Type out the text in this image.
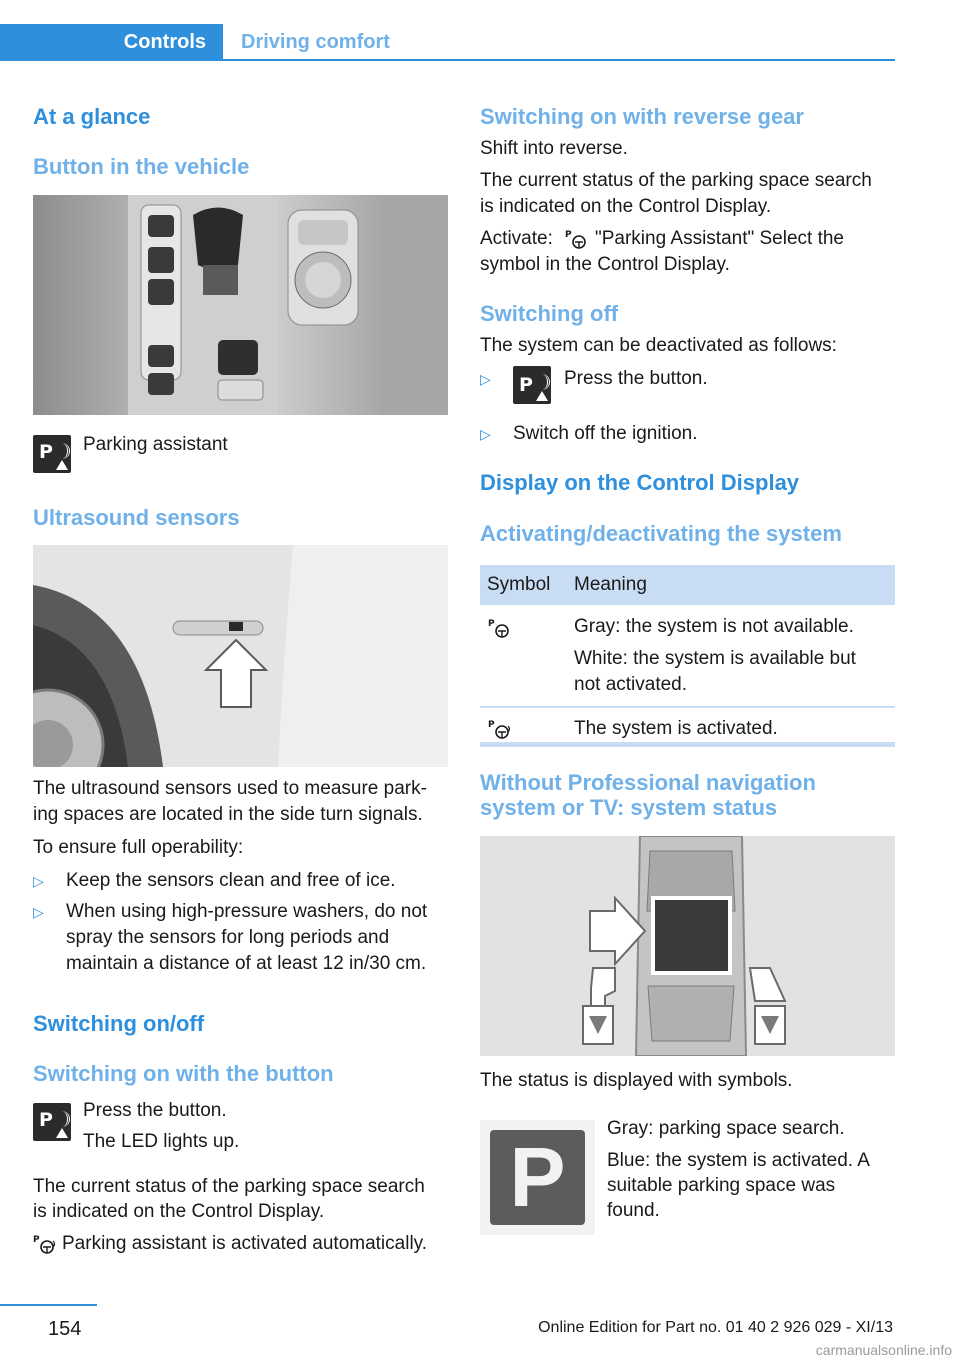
Controls	Driving comfort
At a glance
Button in the vehicle
P Parking assistant
Ultrasound sensors
The ultrasound sensors used to measure park-
ing spaces are located in the side turn signals.
To ensure full operability:
▷ Keep the sensors clean and free of ice.
▷ When using high-pressure washers, do not
spray the sensors for long periods and
maintain a distance of at least 12 in/30 cm.
Switching on/off
Switching on with the button
P Press the button.
The LED lights up.
The current status of the parking space search
is indicated on the Control Display.
P Parking assistant is activated automatically.
Switching on with reverse gear
Shift into reverse.
The current status of the parking space search
is indicated on the Control Display.
Activate: P "Parking Assistant" Select the
symbol in the Control Display.
Switching off
The system can be deactivated as follows:
▷ P Press the button.
▷ Switch off the ignition.
Display on the Control Display
Activating/deactivating the system
Symbol	Meaning

P	Gray: the system is not available.
White: the system is available but
not activated.

P	The system is activated.
Without Professional navigation
system or TV: system status
The status is displayed with symbols.
P
Gray: parking space search.
Blue: the system is activated. A
suitable parking space was
found.
154	Online Edition for Part no. 01 40 2 926 029 - XI/13
carmanualsonline.info
